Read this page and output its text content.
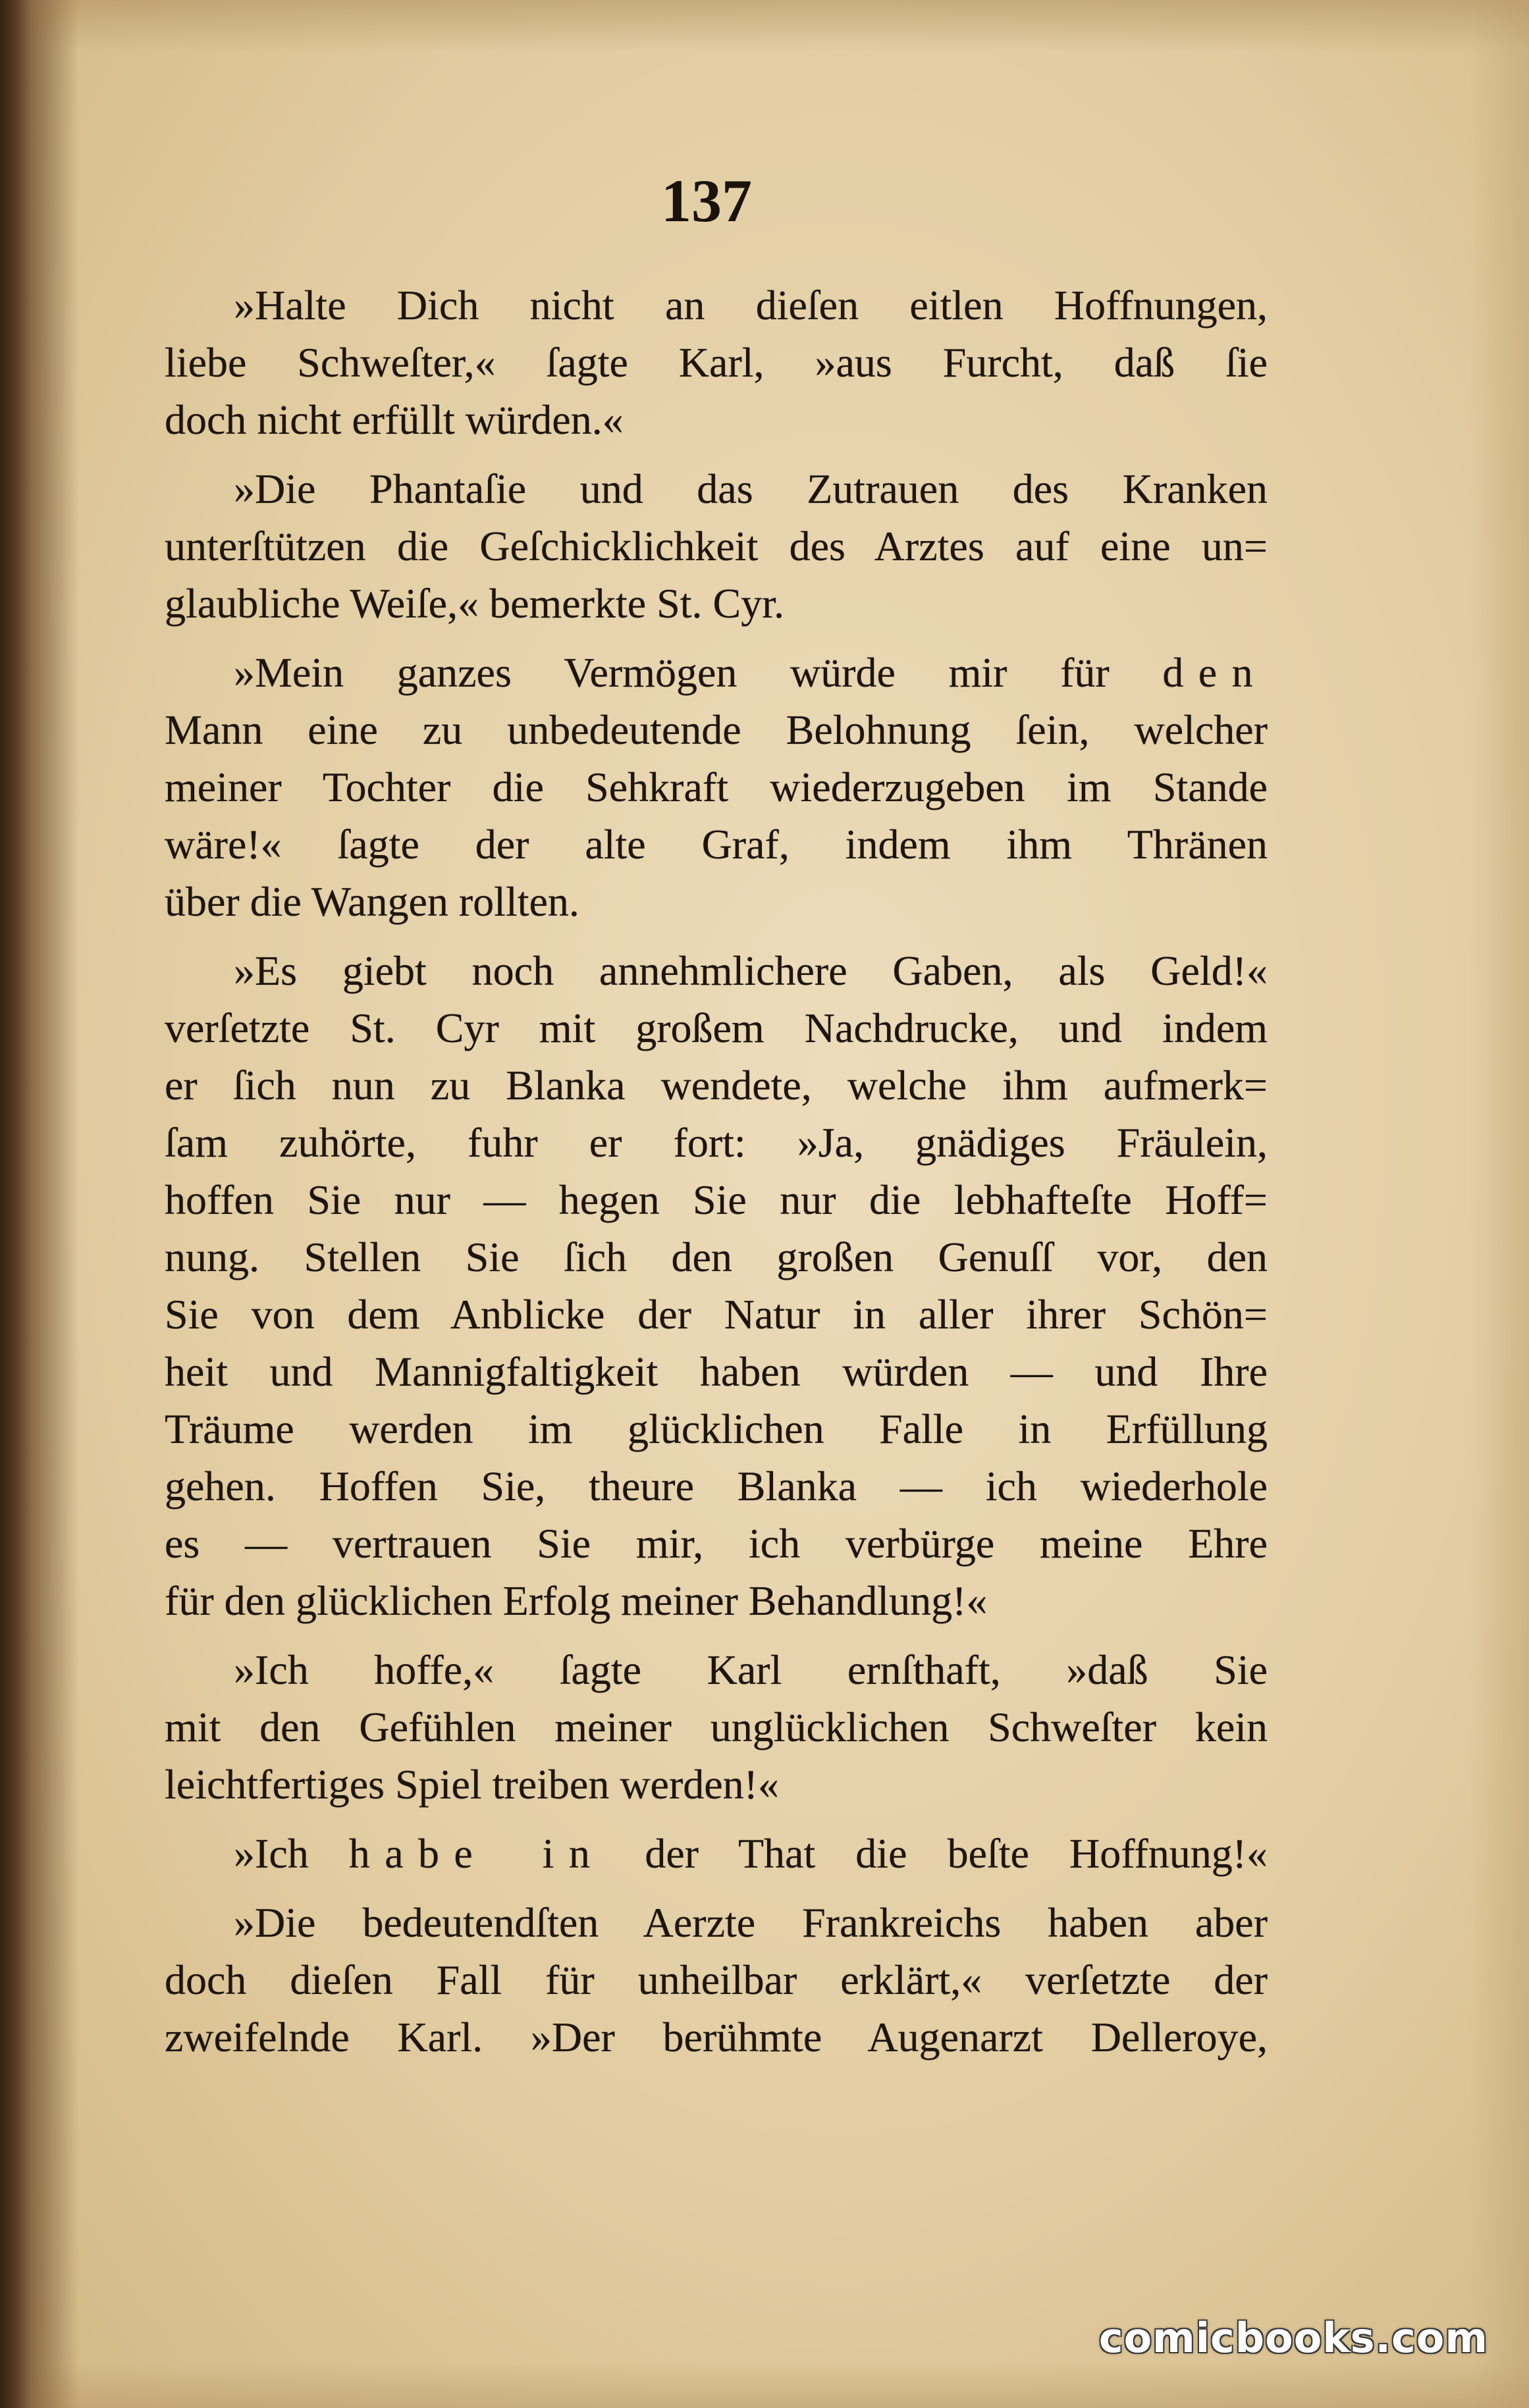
137
»Halte Dich nicht an dieſen eitlen Hoffnungen,
liebe Schweſter,« ſagte Karl, »aus Furcht, daß ſie
doch nicht erfüllt würden.«
»Die Phantaſie und das Zutrauen des Kranken
unterſtützen die Geſchicklichkeit des Arztes auf eine un=
glaubliche Weiſe,« bemerkte St. Cyr.
»Mein ganzes Vermögen würde mir für den
Mann eine zu unbedeutende Belohnung ſein, welcher
meiner Tochter die Sehkraft wiederzugeben im Stande
wäre!« ſagte der alte Graf, indem ihm Thränen
über die Wangen rollten.
»Es giebt noch annehmlichere Gaben, als Geld!«
verſetzte St. Cyr mit großem Nachdrucke, und indem
er ſich nun zu Blanka wendete, welche ihm aufmerk=
ſam zuhörte, fuhr er fort: »Ja, gnädiges Fräulein,
hoffen Sie nur — hegen Sie nur die lebhafteſte Hoff=
nung. Stellen Sie ſich den großen Genuſſ vor, den
Sie von dem Anblicke der Natur in aller ihrer Schön=
heit und Mannigfaltigkeit haben würden — und Ihre
Träume werden im glücklichen Falle in Erfüllung
gehen. Hoffen Sie, theure Blanka — ich wiederhole
es — vertrauen Sie mir, ich verbürge meine Ehre
für den glücklichen Erfolg meiner Behandlung!«
»Ich hoffe,« ſagte Karl ernſthaft, »daß Sie
mit den Gefühlen meiner unglücklichen Schweſter kein
leichtfertiges Spiel treiben werden!«
»Ich habe in der That die beſte Hoffnung!«
»Die bedeutendſten Aerzte Frankreichs haben aber
doch dieſen Fall für unheilbar erklärt,« verſetzte der
zweifelnde Karl. »Der berühmte Augenarzt Delleroye,
comicbooks.com
